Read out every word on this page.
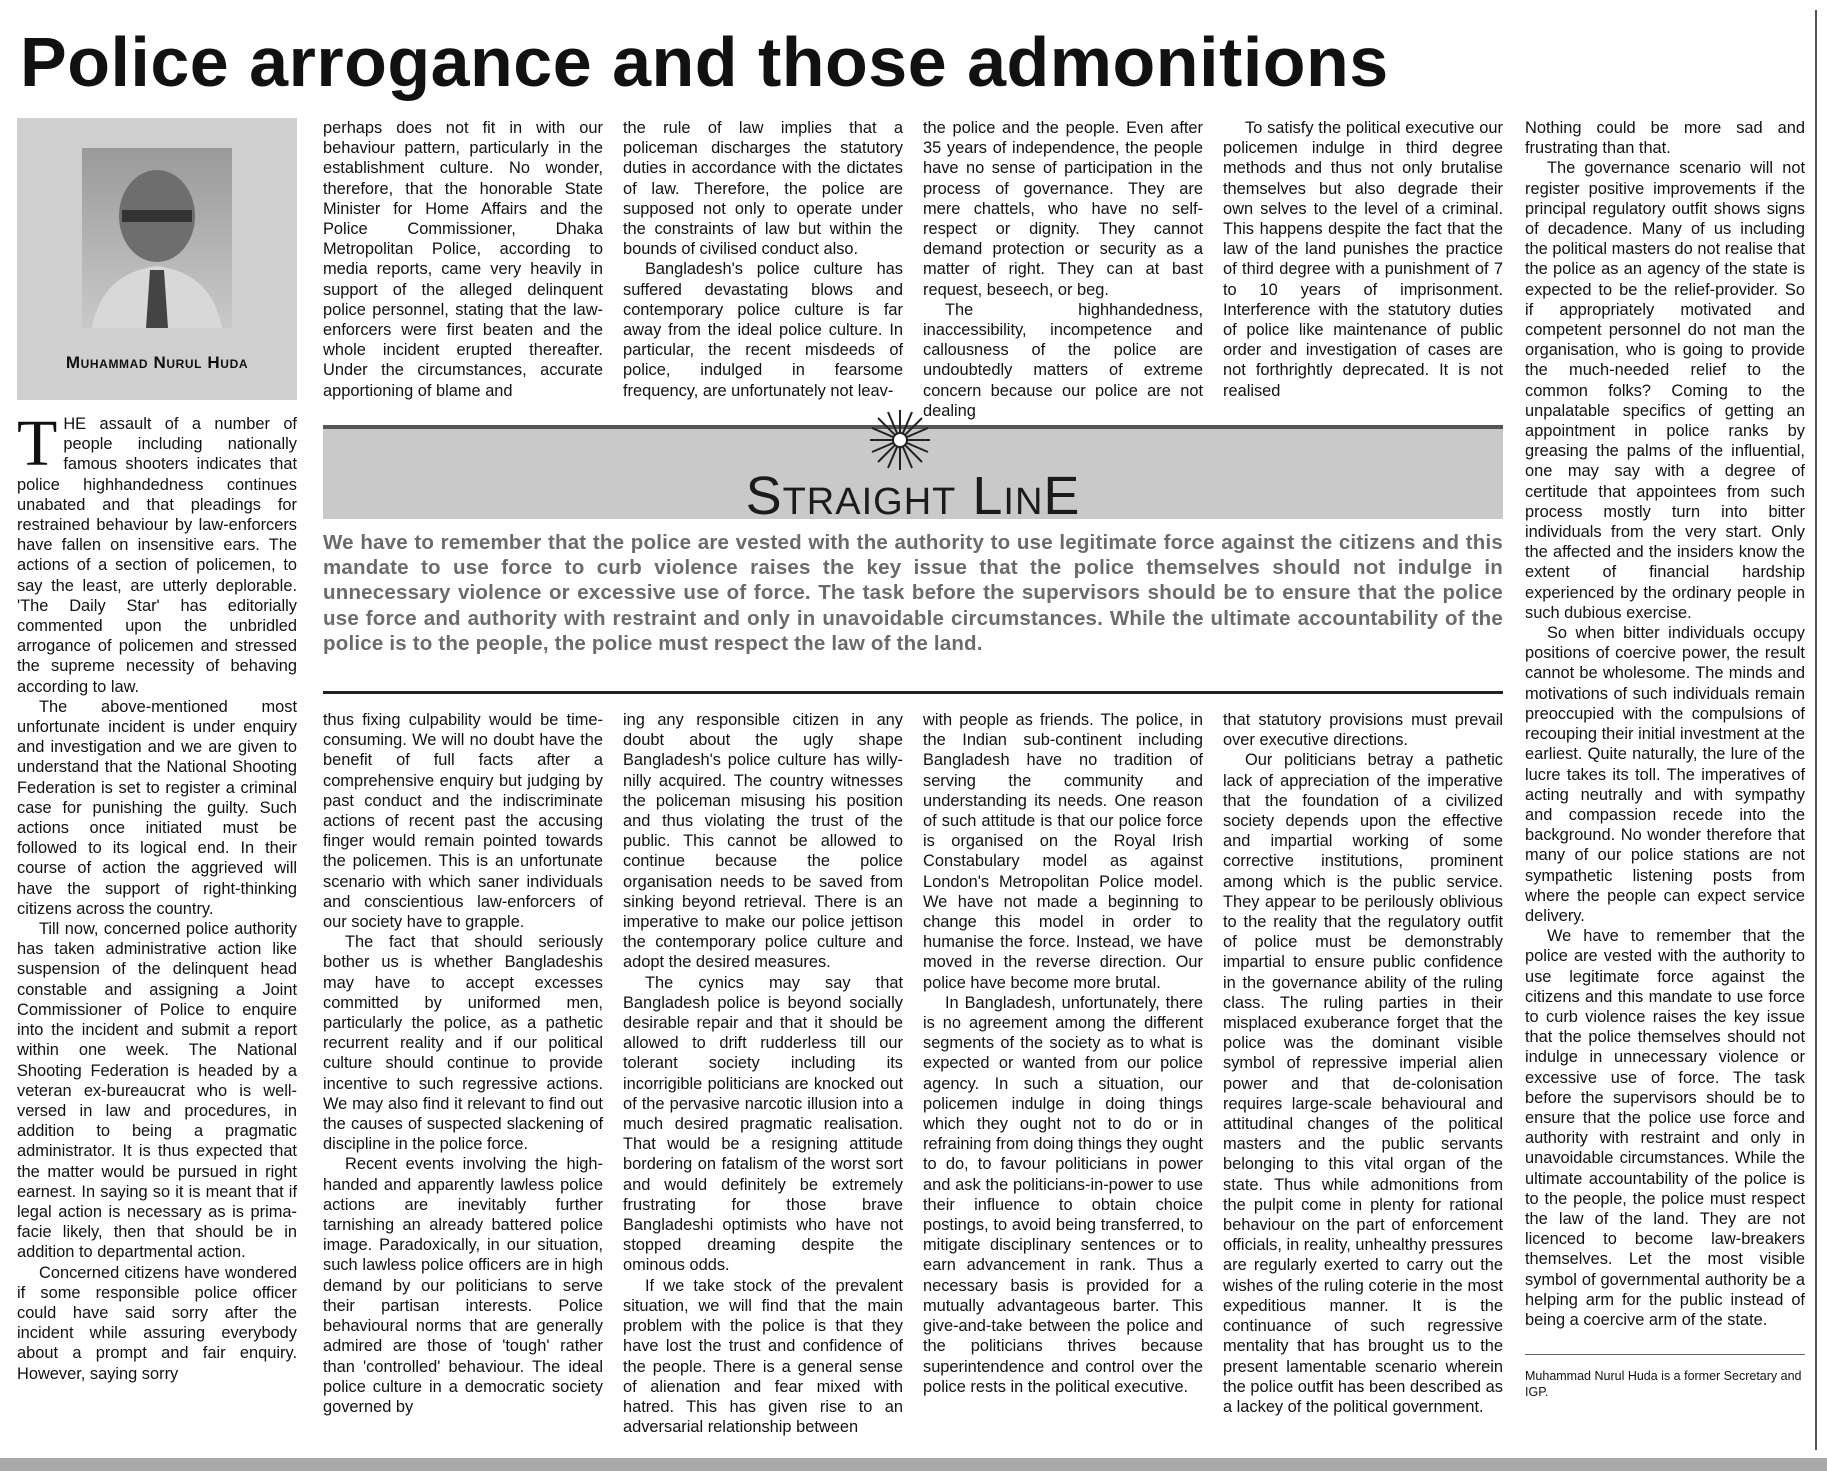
Police arrogance and those admonitions
Muhammad Nurul Huda

THE assault of a number of people including nationally famous shooters indicates that police highhandedness continues unabated and that pleadings for restrained behaviour by law-enforcers have fallen on insensitive ears. The actions of a section of policemen, to say the least, are utterly deplorable. 'The Daily Star' has editorially commented upon the unbridled arrogance of policemen and stressed the supreme necessity of behaving according to law.

The above-mentioned most unfortunate incident is under enquiry and investigation and we are given to understand that the National Shooting Federation is set to register a criminal case for punishing the guilty. Such actions once initiated must be followed to its logical end. In their course of action the aggrieved will have the support of right-thinking citizens across the country.

Till now, concerned police authority has taken administrative action like suspension of the delinquent head constable and assigning a Joint Commissioner of Police to enquire into the incident and submit a report within one week. The National Shooting Federation is headed by a veteran ex-bureaucrat who is well-versed in law and procedures, in addition to being a pragmatic administrator. It is thus expected that the matter would be pursued in right earnest. In saying so it is meant that if legal action is necessary as is prima-facie likely, then that should be in addition to departmental action.

Concerned citizens have wondered if some responsible police officer could have said sorry after the incident while assuring everybody about a prompt and fair enquiry. However, saying sorry

perhaps does not fit in with our behaviour pattern, particularly in the establishment culture. No wonder, therefore, that the honorable State Minister for Home Affairs and the Police Commissioner, Dhaka Metropolitan Police, according to media reports, came very heavily in support of the alleged delinquent police personnel, stating that the law-enforcers were first beaten and the whole incident erupted thereafter. Under the circumstances, accurate apportioning of blame and

the rule of law implies that a policeman discharges the statutory duties in accordance with the dictates of law. Therefore, the police are supposed not only to operate under the constraints of law but within the bounds of civilised conduct also.

Bangladesh's police culture has suffered devastating blows and contemporary police culture is far away from the ideal police culture. In particular, the recent misdeeds of police, indulged in fearsome frequency, are unfortunately not leav-

the police and the people. Even after 35 years of independence, the people have no sense of participation in the process of governance. They are mere chattels, who have no self-respect or dignity. They cannot demand protection or security as a matter of right. They can at bast request, beseech, or beg.

The highhandedness, inaccessibility, incompetence and callousness of the police are undoubtedly matters of extreme concern because our police are not dealing

To satisfy the political executive our policemen indulge in third degree methods and thus not only brutalise themselves but also degrade their own selves to the level of a criminal. This happens despite the fact that the law of the land punishes the practice of third degree with a punishment of 7 to 10 years of imprisonment. Interference with the statutory duties of police like maintenance of public order and investigation of cases are not forthrightly deprecated. It is not realised

Straight LinE
We have to remember that the police are vested with the authority to use legitimate force against the citizens and this mandate to use force to curb violence raises the key issue that the police themselves should not indulge in unnecessary violence or excessive use of force. The task before the supervisors should be to ensure that the police use force and authority with restraint and only in unavoidable circumstances. While the ultimate accountability of the police is to the people, the police must respect the law of the land.

thus fixing culpability would be time-consuming. We will no doubt have the benefit of full facts after a comprehensive enquiry but judging by past conduct and the indiscriminate actions of recent past the accusing finger would remain pointed towards the policemen. This is an unfortunate scenario with which saner individuals and conscientious law-enforcers of our society have to grapple.

The fact that should seriously bother us is whether Bangladeshis may have to accept excesses committed by uniformed men, particularly the police, as a pathetic recurrent reality and if our political culture should continue to provide incentive to such regressive actions. We may also find it relevant to find out the causes of suspected slackening of discipline in the police force.

Recent events involving the high-handed and apparently lawless police actions are inevitably further tarnishing an already battered police image. Paradoxically, in our situation, such lawless police officers are in high demand by our politicians to serve their partisan interests. Police behavioural norms that are generally admired are those of 'tough' rather than 'controlled' behaviour. The ideal police culture in a democratic society governed by

ing any responsible citizen in any doubt about the ugly shape Bangladesh's police culture has willy-nilly acquired. The country witnesses the policeman misusing his position and thus violating the trust of the public. This cannot be allowed to continue because the police organisation needs to be saved from sinking beyond retrieval. There is an imperative to make our police jettison the contemporary police culture and adopt the desired measures.

The cynics may say that Bangladesh police is beyond socially desirable repair and that it should be allowed to drift rudderless till our tolerant society including its incorrigible politicians are knocked out of the pervasive narcotic illusion into a much desired pragmatic realisation. That would be a resigning attitude bordering on fatalism of the worst sort and would definitely be extremely frustrating for those brave Bangladeshi optimists who have not stopped dreaming despite the ominous odds.

If we take stock of the prevalent situation, we will find that the main problem with the police is that they have lost the trust and confidence of the people. There is a general sense of alienation and fear mixed with hatred. This has given rise to an adversarial relationship between

with people as friends. The police, in the Indian sub-continent including Bangladesh have no tradition of serving the community and understanding its needs. One reason of such attitude is that our police force is organised on the Royal Irish Constabulary model as against London's Metropolitan Police model. We have not made a beginning to change this model in order to humanise the force. Instead, we have moved in the reverse direction. Our police have become more brutal.

In Bangladesh, unfortunately, there is no agreement among the different segments of the society as to what is expected or wanted from our police agency. In such a situation, our policemen indulge in doing things which they ought not to do or in refraining from doing things they ought to do, to favour politicians in power and ask the politicians-in-power to use their influence to obtain choice postings, to avoid being transferred, to mitigate disciplinary sentences or to earn advancement in rank. Thus a necessary basis is provided for a mutually advantageous barter. This give-and-take between the police and the politicians thrives because superintendence and control over the police rests in the political executive.

that statutory provisions must prevail over executive directions.

Our politicians betray a pathetic lack of appreciation of the imperative that the foundation of a civilized society depends upon the effective and impartial working of some corrective institutions, prominent among which is the public service. They appear to be perilously oblivious to the reality that the regulatory outfit of police must be demonstrably impartial to ensure public confidence in the governance ability of the ruling class. The ruling parties in their misplaced exuberance forget that the police was the dominant visible symbol of repressive imperial alien power and that de-colonisation requires large-scale behavioural and attitudinal changes of the political masters and the public servants belonging to this vital organ of the state. Thus while admonitions from the pulpit come in plenty for rational behaviour on the part of enforcement officials, in reality, unhealthy pressures are regularly exerted to carry out the wishes of the ruling coterie in the most expeditious manner. It is the continuance of such regressive mentality that has brought us to the present lamentable scenario wherein the police outfit has been described as a lackey of the political government.

Nothing could be more sad and frustrating than that.

The governance scenario will not register positive improvements if the principal regulatory outfit shows signs of decadence. Many of us including the political masters do not realise that the police as an agency of the state is expected to be the relief-provider. So if appropriately motivated and competent personnel do not man the organisation, who is going to provide the much-needed relief to the common folks? Coming to the unpalatable specifics of getting an appointment in police ranks by greasing the palms of the influential, one may say with a degree of certitude that appointees from such process mostly turn into bitter individuals from the very start. Only the affected and the insiders know the extent of financial hardship experienced by the ordinary people in such dubious exercise.

So when bitter individuals occupy positions of coercive power, the result cannot be wholesome. The minds and motivations of such individuals remain preoccupied with the compulsions of recouping their initial investment at the earliest. Quite naturally, the lure of the lucre takes its toll. The imperatives of acting neutrally and with sympathy and compassion recede into the background. No wonder therefore that many of our police stations are not sympathetic listening posts from where the people can expect service delivery.

We have to remember that the police are vested with the authority to use legitimate force against the citizens and this mandate to use force to curb violence raises the key issue that the police themselves should not indulge in unnecessary violence or excessive use of force. The task before the supervisors should be to ensure that the police use force and authority with restraint and only in unavoidable circumstances. While the ultimate accountability of the police is to the people, the police must respect the law of the land. They are not licenced to become law-breakers themselves. Let the most visible symbol of governmental authority be a helping arm for the public instead of being a coercive arm of the state.

Muhammad Nurul Huda is a former Secretary and IGP.
